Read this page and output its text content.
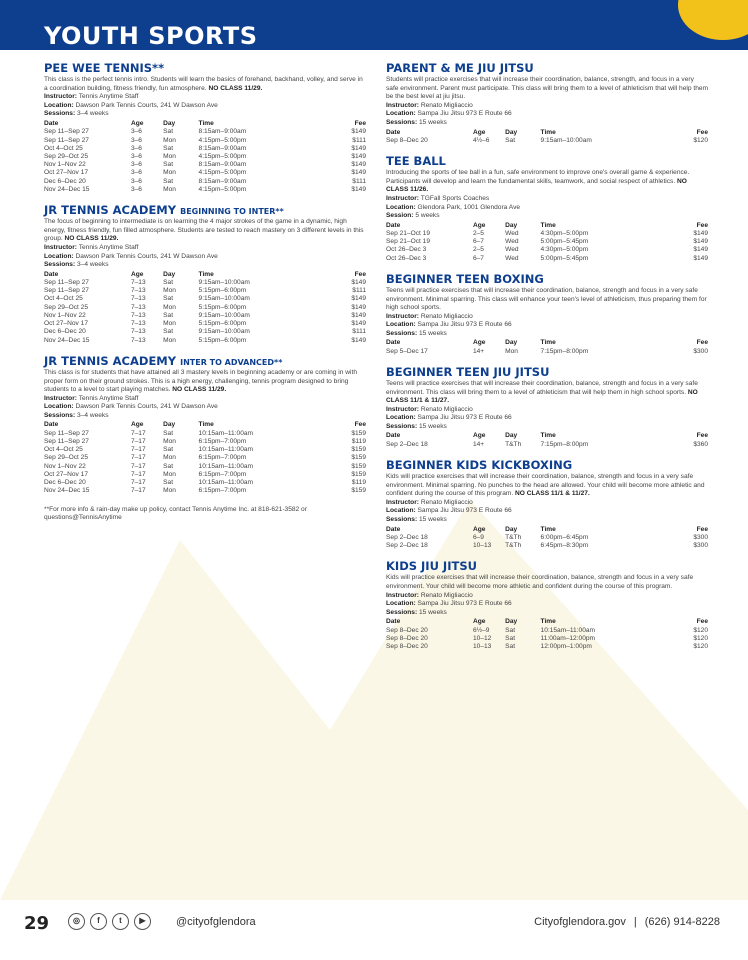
YOUTH SPORTS
PEE WEE TENNIS**
This class is the perfect tennis intro. Students will learn the basics of forehand, backhand, volley, and serve in a coordination building, fitness friendly, fun atmosphere. NO CLASS 11/29.
Instructor: Tennis Anytime Staff
Location: Dawson Park Tennis Courts, 241 W Dawson Ave
Sessions: 3–4 weeks
Date	Age	Day	Time	Fee
Sep 11–Sep 27	3–6	Sat	8:15am–9:00am	$149
Sep 11–Sep 27	3–6	Mon	4:15pm–5:00pm	$111
Oct 4–Oct 25	3–6	Sat	8:15am–9:00am	$149
Sep 29–Oct 25	3–6	Mon	4:15pm–5:00pm	$149
Nov 1–Nov 22	3–6	Sat	8:15am–9:00am	$149
Oct 27–Nov 17	3–6	Mon	4:15pm–5:00pm	$149
Dec 6–Dec 20	3–6	Sat	8:15am–9:00am	$111
Nov 24–Dec 15	3–6	Mon	4:15pm–5:00pm	$149
JR TENNIS ACADEMY BEGINNING TO INTER**
The focus of beginning to intermediate is on learning the 4 major strokes of the game in a dynamic, high energy, fitness friendly, fun filled atmosphere. Students are tested to reach mastery on 3 different levels in this group. NO CLASS 11/29.
Instructor: Tennis Anytime Staff
Location: Dawson Park Tennis Courts, 241 W Dawson Ave
Sessions: 3–4 weeks
Date	Age	Day	Time	Fee
Sep 11–Sep 27	7–13	Sat	9:15am–10:00am	$149
Sep 11–Sep 27	7–13	Mon	5:15pm–6:00pm	$111
Oct 4–Oct 25	7–13	Sat	9:15am–10:00am	$149
Sep 29–Oct 25	7–13	Mon	5:15pm–6:00pm	$149
Nov 1–Nov 22	7–13	Sat	9:15am–10:00am	$149
Oct 27–Nov 17	7–13	Mon	5:15pm–6:00pm	$149
Dec 6–Dec 20	7–13	Sat	9:15am–10:00am	$111
Nov 24–Dec 15	7–13	Mon	5:15pm–6:00pm	$149
JR TENNIS ACADEMY INTER TO ADVANCED**
This class is for students that have attained all 3 mastery levels in beginning academy or are coming in with proper form on their ground strokes. This is a high energy, challenging, tennis program designed to bring students to a level to start playing matches. NO CLASS 11/29.
Instructor: Tennis Anytime Staff
Location: Dawson Park Tennis Courts, 241 W Dawson Ave
Sessions: 3–4 weeks
Date	Age	Day	Time	Fee
Sep 11–Sep 27	7–17	Sat	10:15am–11:00am	$159
Sep 11–Sep 27	7–17	Mon	6:15pm–7:00pm	$119
Oct 4–Oct 25	7–17	Sat	10:15am–11:00am	$159
Sep 29–Oct 25	7–17	Mon	6:15pm–7:00pm	$159
Nov 1–Nov 22	7–17	Sat	10:15am–11:00am	$159
Oct 27–Nov 17	7–17	Mon	6:15pm–7:00pm	$159
Dec 6–Dec 20	7–17	Sat	10:15am–11:00am	$119
Nov 24–Dec 15	7–17	Mon	6:15pm–7:00pm	$159
**For more info & rain-day make up policy, contact Tennis Anytime Inc. at 818-621-3582 or questions@TennisAnytime
PARENT & ME JIU JITSU
Students will practice exercises that will increase their coordination, balance, strength, and focus in a very safe environment. Parent must participate. This class will bring them to a level of athleticism that will help them be the best level at jiu jitsu.
Instructor: Renato Migliaccio
Location: Sampa Jiu Jitsu 973 E Route 66
Sessions: 15 weeks
Date	Age	Day	Time	Fee
Sep 8–Dec 20	4½–6	Sat	9:15am–10:00am	$120
TEE BALL
Introducing the sports of tee ball in a fun, safe environment to improve one's overall game & experience. Participants will develop and learn the fundamental skills, teamwork, and social respect of athletics. NO CLASS 11/26.
Instructor: TGFall Sports Coaches
Location: Glendora Park, 1001 Glendora Ave
Session: 5 weeks
Date	Age	Day	Time	Fee
Sep 21–Oct 19	2–5	Wed	4:30pm–5:00pm	$149
Sep 21–Oct 19	6–7	Wed	5:00pm–5:45pm	$149
Oct 26–Dec 3	2–5	Wed	4:30pm–5:00pm	$149
Oct 26–Dec 3	6–7	Wed	5:00pm–5:45pm	$149
BEGINNER TEEN BOXING
Teens will practice exercises that will increase their coordination, balance, strength and focus in a very safe environment. Minimal sparring. This class will enhance your teen's level of athleticism, thus preparing them for high school sports.
Instructor: Renato Migliaccio
Location: Sampa Jiu Jitsu 973 E Route 66
Sessions: 15 weeks
Date	Age	Day	Time	Fee
Sep 5–Dec 17	14+	Mon	7:15pm–8:00pm	$300
BEGINNER TEEN JIU JITSU
Teens will practice exercises that will increase their coordination, balance, strength and focus in a very safe environment. This class will bring them to a level of athleticism that will help them in high school sports. NO CLASS 11/1 & 11/27.
Instructor: Renato Migliaccio
Location: Sampa Jiu Jitsu 973 E Route 66
Sessions: 15 weeks
Date	Age	Day	Time	Fee
Sep 2–Dec 18	14+	T&Th	7:15pm–8:00pm	$360
BEGINNER KIDS KICKBOXING
Kids will practice exercises that will increase their coordination, balance, strength and focus in a very safe environment. Minimal sparring. No punches to the head are allowed. Your child will become more athletic and confident during the course of this program. NO CLASS 11/1 & 11/27.
Instructor: Renato Migliaccio
Location: Sampa Jiu Jitsu 973 E Route 66
Sessions: 15 weeks
Date	Age	Day	Time	Fee
Sep 2–Dec 18	6–9	T&Th	6:00pm–6:45pm	$300
Sep 2–Dec 18	10–13	T&Th	6:45pm–8:30pm	$300
KIDS JIU JITSU
Kids will practice exercises that will increase their coordination, balance, strength and focus in a very safe environment. Your child will become more athletic and confident during the course of this program.
Instructor: Renato Migliaccio
Location: Sampa Jiu Jitsu 973 E Route 66
Sessions: 15 weeks
Date	Age	Day	Time	Fee
Sep 8–Dec 20	6½–9	Sat	10:15am–11:00am	$120
Sep 8–Dec 20	10–12	Sat	11:00am–12:00pm	$120
Sep 8–Dec 20	10–13	Sat	12:00pm–1:00pm	$120
29	◎	f	t	▶	@cityofglendora	Cityofglendora.gov | (626) 914-8228
